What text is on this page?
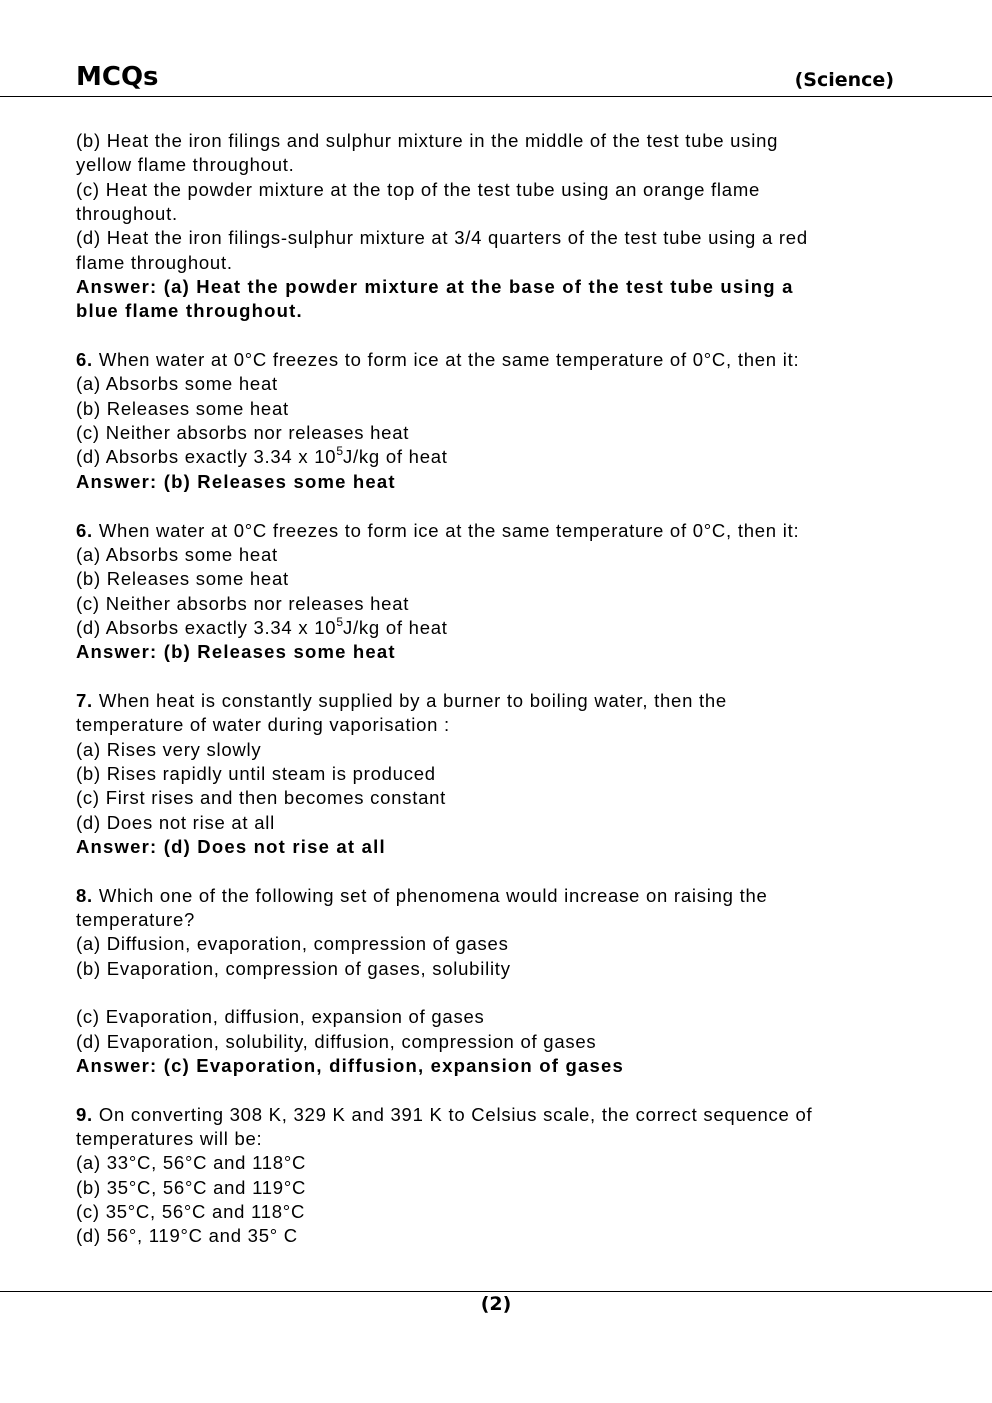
MCQs	(Science)
(b) Heat the iron filings and sulphur mixture in the middle of the test tube using
yellow flame throughout.
(c) Heat the powder mixture at the top of the test tube using an orange flame
throughout.
(d) Heat the iron filings-sulphur mixture at 3/4 quarters of the test tube using a red
flame throughout.
Answer: (a) Heat the powder mixture at the base of the test tube using a
blue flame throughout.
6. When water at 0°C freezes to form ice at the same temperature of 0°C, then it:
(a) Absorbs some heat
(b) Releases some heat
(c) Neither absorbs nor releases heat
(d) Absorbs exactly 3.34 x $10^5J/kg$ of heat
Answer: (b) Releases some heat
6. When water at 0°C freezes to form ice at the same temperature of 0°C, then it:
(a) Absorbs some heat
(b) Releases some heat
(c) Neither absorbs nor releases heat
(d) Absorbs exactly 3.34 x $10^5J/kg$ of heat
Answer: (b) Releases some heat
7. When heat is constantly supplied by a burner to boiling water, then the
temperature of water during vaporisation :
(a) Rises very slowly
(b) Rises rapidly until steam is produced
(c) First rises and then becomes constant
(d) Does not rise at all
Answer: (d) Does not rise at all
8. Which one of the following set of phenomena would increase on raising the
temperature?
(a) Diffusion, evaporation, compression of gases
(b) Evaporation, compression of gases, solubility
(c) Evaporation, diffusion, expansion of gases
(d) Evaporation, solubility, diffusion, compression of gases
Answer: (c) Evaporation, diffusion, expansion of gases
9. On converting 308 K, 329 K and 391 K to Celsius scale, the correct sequence of
temperatures will be:
(a) 33°C, 56°C and 118°C
(b) 35°C, 56°C and 119°C
(c) 35°C, 56°C and 118°C
(d) 56°, 119°C and 35° C
(2)
